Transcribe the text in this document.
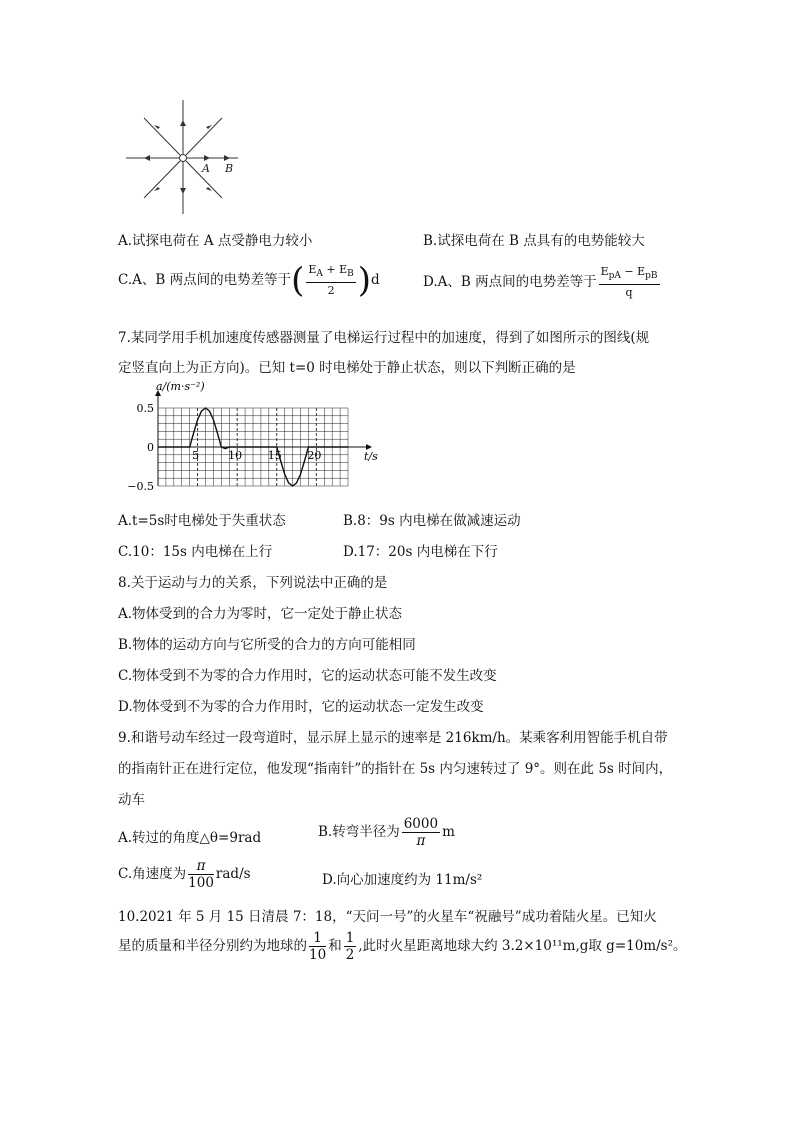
A B
A.试探电荷在 A 点受静电力较小	B.试探电荷在 B 点具有的电势能较大
C.A、B 两点间的电势差等于( $\frac{E_A + E_B}{2} )d$	D.A、B 两点间的电势差等于 $\frac{E_{pA} - E_{pB}}{q}$
7.某同学用手机加速度传感器测量了电梯运行过程中的加速度，得到了如图所示的图线(规
定竖直向上为正方向)。已知 t=0 时电梯处于静止状态，则以下判断正确的是
0.5
0
−0.5
5	10 15 20
a/(m·s⁻²)
t/s
A.t=5s时电梯处于失重状态	B.8：9s 内电梯在做减速运动
C.10：15s 内电梯在上行	D.17：20s 内电梯在下行
8.关于运动与力的关系，下列说法中正确的是
A.物体受到的合力为零时，它一定处于静止状态
B.物体的运动方向与它所受的合力的方向可能相同
C.物体受到不为零的合力作用时，它的运动状态可能不发生改变
D.物体受到不为零的合力作用时，它的运动状态一定发生改变
9.和谐号动车经过一段弯道时，显示屏上显示的速率是 216km/h。某乘客利用智能手机自带
的指南针正在进行定位，他发现“指南针”的指针在 5s 内匀速转过了 9°。则在此 5s 时间内，
动车
A.转过的角度△θ=9rad	B.转弯半径为 $\frac{6000}{\pi}$ m
C.角速度为 $\frac{\pi}{100} rad/s$	D.向心加速度约为 11m/s²
10.2021 年 5 月 15 日清晨 7：18，“天问一号”的火星车“祝融号”成功着陆火星。已知火
星的质量和半径分别约为地球的 $\frac{1}{10}$ 和 $\frac{1}{2}$ ,此时火星距离地球大约 3.2×10¹¹m,g取 g=10m/s²。
